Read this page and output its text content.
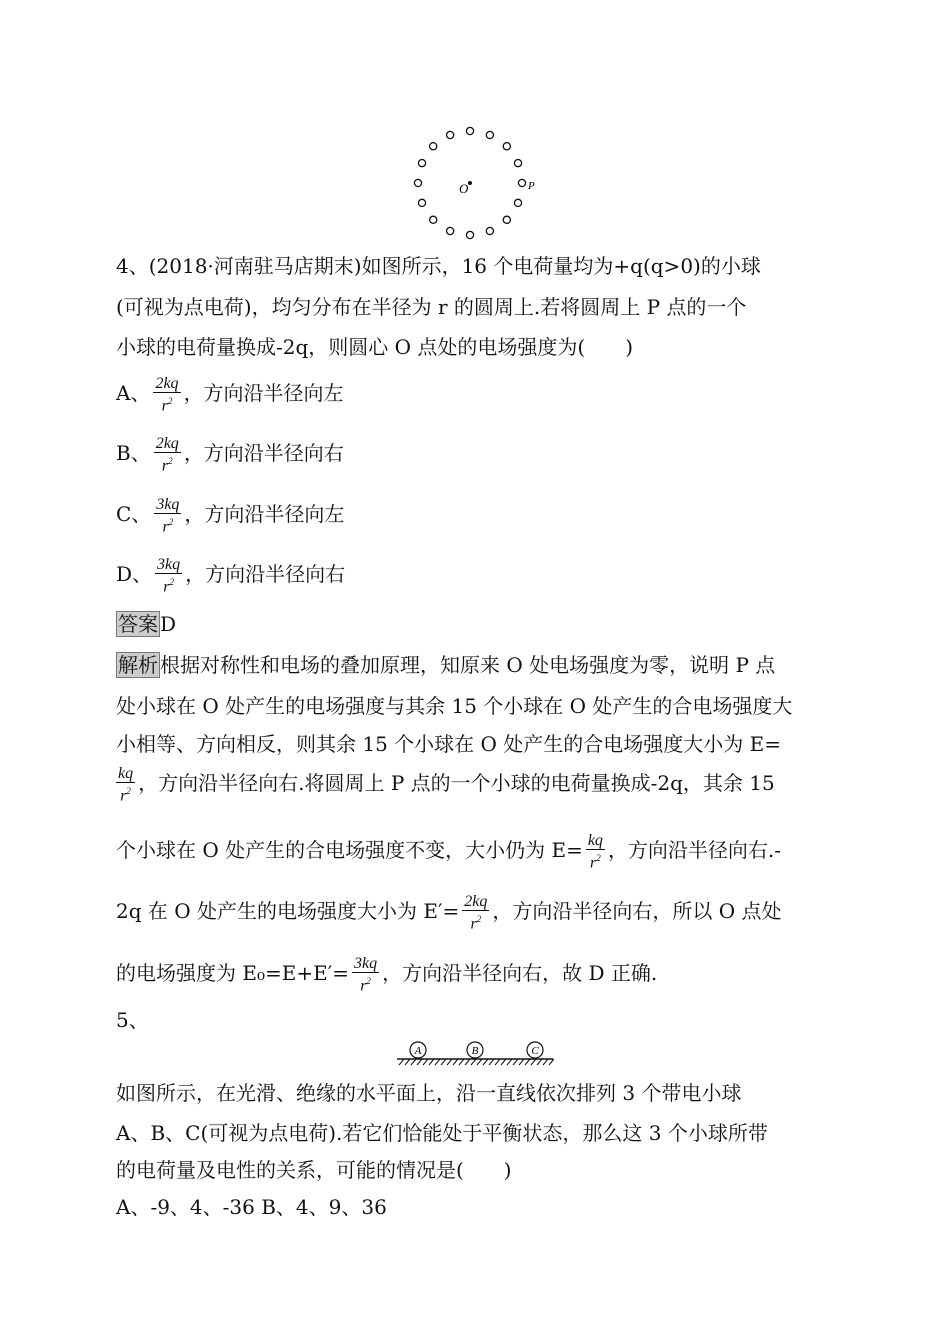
O	P
4、(2018·河南驻马店期末)如图所示，16 个电荷量均为+q(q>0)的小球
(可视为点电荷)，均匀分布在半径为 r 的圆周上.若将圆周上 P 点的一个
小球的电荷量换成-2q，则圆心 O 点处的电场强度为(　　)
A、 $\frac{2kq}{r^2}$ ，方向沿半径向左
B、 $\frac{2kq}{r^2}$ ，方向沿半径向右
C、 $\frac{3kq}{r^2}$ ，方向沿半径向左
D、 $\frac{3kq}{r^2}$ ，方向沿半径向右
答案 D
解析 根据对称性和电场的叠加原理，知原来 O 处电场强度为零，说明 P 点
处小球在 O 处产生的电场强度与其余 15 个小球在 O 处产生的合电场强度大
小相等、方向相反，则其余 15 个小球在 O 处产生的合电场强度大小为 E=
$\frac{kq}{r^2}$ ，方向沿半径向右.将圆周上 P 点的一个小球的电荷量换成-2q，其余 15
个小球在 O 处产生的合电场强度不变，大小仍为 $E= \frac{kq}{r^2}$ ，方向沿半径向右.-
2q 在 O 处产生的电场强度大小为 $E'= \frac{2kq}{r^2}$ ，方向沿半径向右，所以 O 点处
的电场强度为 $E_0=E+E'= \frac{3kq}{r^2}$ ，方向沿半径向右，故 D 正确.
5、
A	B	C
如图所示，在光滑、绝缘的水平面上，沿一直线依次排列 3 个带电小球
A、B、C(可视为点电荷).若它们恰能处于平衡状态，那么这 3 个小球所带
的电荷量及电性的关系，可能的情况是(　　)
A、-9、4、-36 B、4、9、36
